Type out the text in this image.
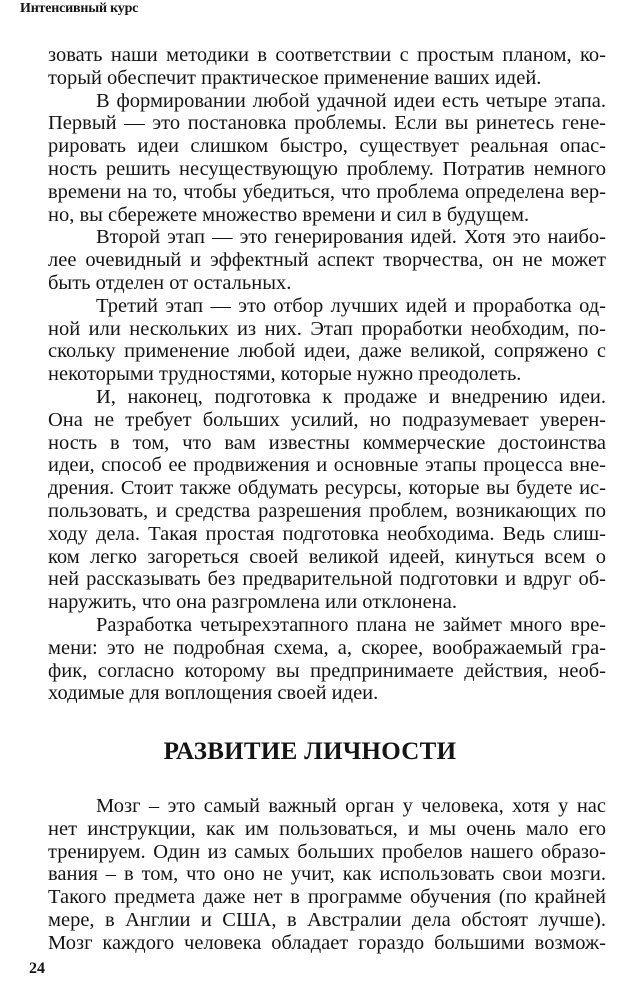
Интенсивный курс
зовать наши методики в соответствии с простым планом, ко-
торый обеспечит практическое применение ваших идей.
В формировании любой удачной идеи есть четыре этапа.
Первый — это постановка проблемы. Если вы ринетесь гене-
рировать идеи слишком быстро, существует реальная опас-
ность решить несуществующую проблему. Потратив немного
времени на то, чтобы убедиться, что проблема определена вер-
но, вы сбережете множество времени и сил в будущем.
Второй этап — это генерирования идей. Хотя это наибо-
лее очевидный и эффектный аспект творчества, он не может
быть отделен от остальных.
Третий этап — это отбор лучших идей и проработка од-
ной или нескольких из них. Этап проработки необходим, по-
скольку применение любой идеи, даже великой, сопряжено с
некоторыми трудностями, которые нужно преодолеть.
И, наконец, подготовка к продаже и внедрению идеи.
Она не требует больших усилий, но подразумевает уверен-
ность в том, что вам известны коммерческие достоинства
идеи, способ ее продвижения и основные этапы процесса вне-
дрения. Стоит также обдумать ресурсы, которые вы будете ис-
пользовать, и средства разрешения проблем, возникающих по
ходу дела. Такая простая подготовка необходима. Ведь слиш-
ком легко загореться своей великой идеей, кинуться всем о
ней рассказывать без предварительной подготовки и вдруг об-
наружить, что она разгромлена или отклонена.
Разработка четырехэтапного плана не займет много вре-
мени: это не подробная схема, а, скорее, воображаемый гра-
фик, согласно которому вы предпринимаете действия, необ-
ходимые для воплощения своей идеи.
РАЗВИТИЕ ЛИЧНОСТИ
Мозг – это самый важный орган у человека, хотя у нас
нет инструкции, как им пользоваться, и мы очень мало его
тренируем. Один из самых больших пробелов нашего образо-
вания – в том, что оно не учит, как использовать свои мозги.
Такого предмета даже нет в программе обучения (по крайней
мере, в Англии и США, в Австралии дела обстоят лучше).
Мозг каждого человека обладает гораздо большими возмож-
24
